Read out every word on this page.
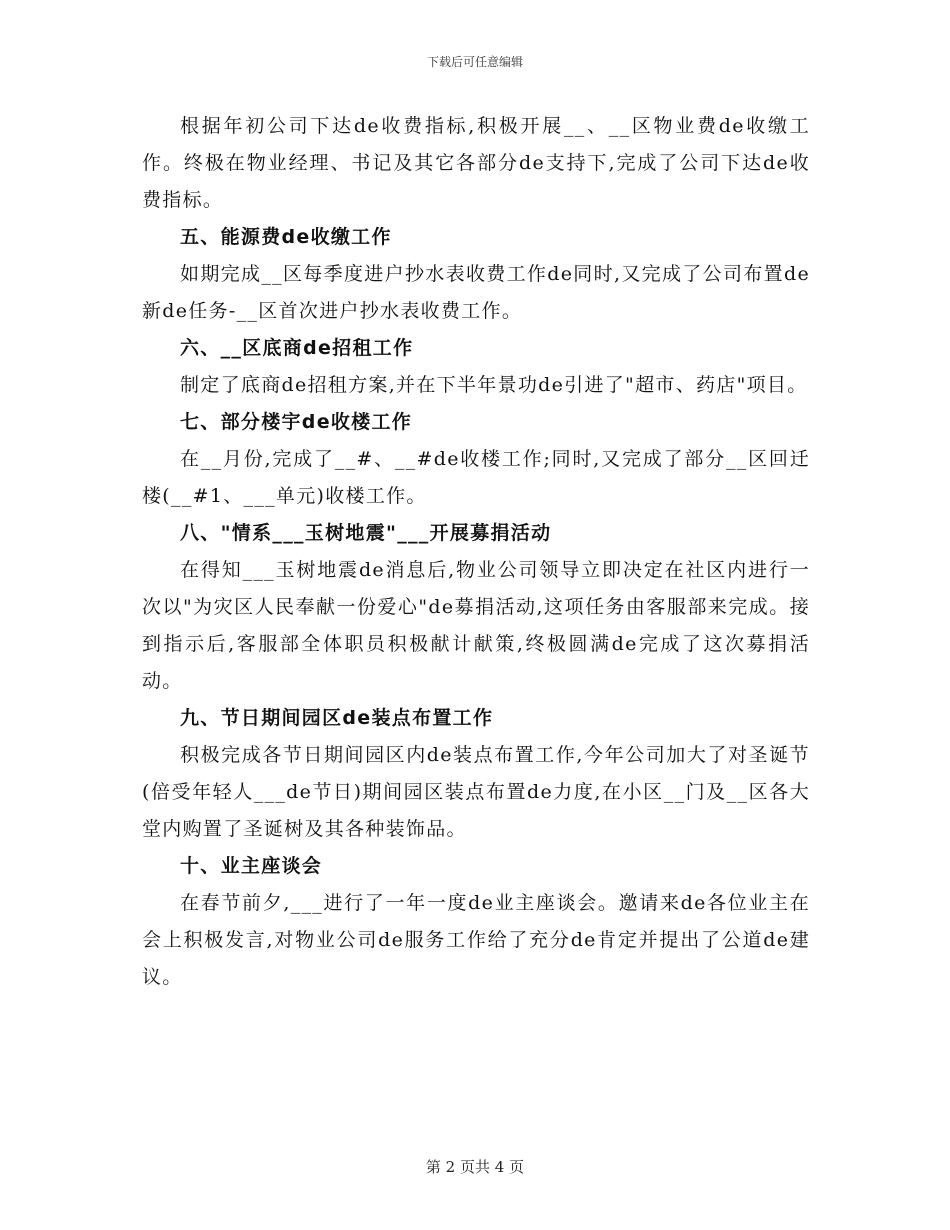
下载后可任意编辑

根据年初公司下达de收费指标,积极开展__、__区物业费de收缴工作。终极在物业经理、书记及其它各部分de支持下,完成了公司下达de收费指标。

五、能源费de收缴工作

如期完成__区每季度进户抄水表收费工作de同时,又完成了公司布置de新de任务-__区首次进户抄水表收费工作。

六、__区底商de招租工作

制定了底商de招租方案,并在下半年景功de引进了"超市、药店"项目。

七、部分楼宇de收楼工作

在__月份,完成了__#、__#de收楼工作;同时,又完成了部分__区回迁楼(__#1、___单元)收楼工作。

八、"情系___玉树地震"___开展募捐活动

在得知___玉树地震de消息后,物业公司领导立即决定在社区内进行一次以"为灾区人民奉献一份爱心"de募捐活动,这项任务由客服部来完成。接到指示后,客服部全体职员积极献计献策,终极圆满de完成了这次募捐活动。

九、节日期间园区de装点布置工作

积极完成各节日期间园区内de装点布置工作,今年公司加大了对圣诞节(倍受年轻人___de节日)期间园区装点布置de力度,在小区__门及__区各大堂内购置了圣诞树及其各种装饰品。

十、业主座谈会

在春节前夕,___进行了一年一度de业主座谈会。邀请来de各位业主在会上积极发言,对物业公司de服务工作给了充分de肯定并提出了公道de建议。

第 2 页共 4 页
